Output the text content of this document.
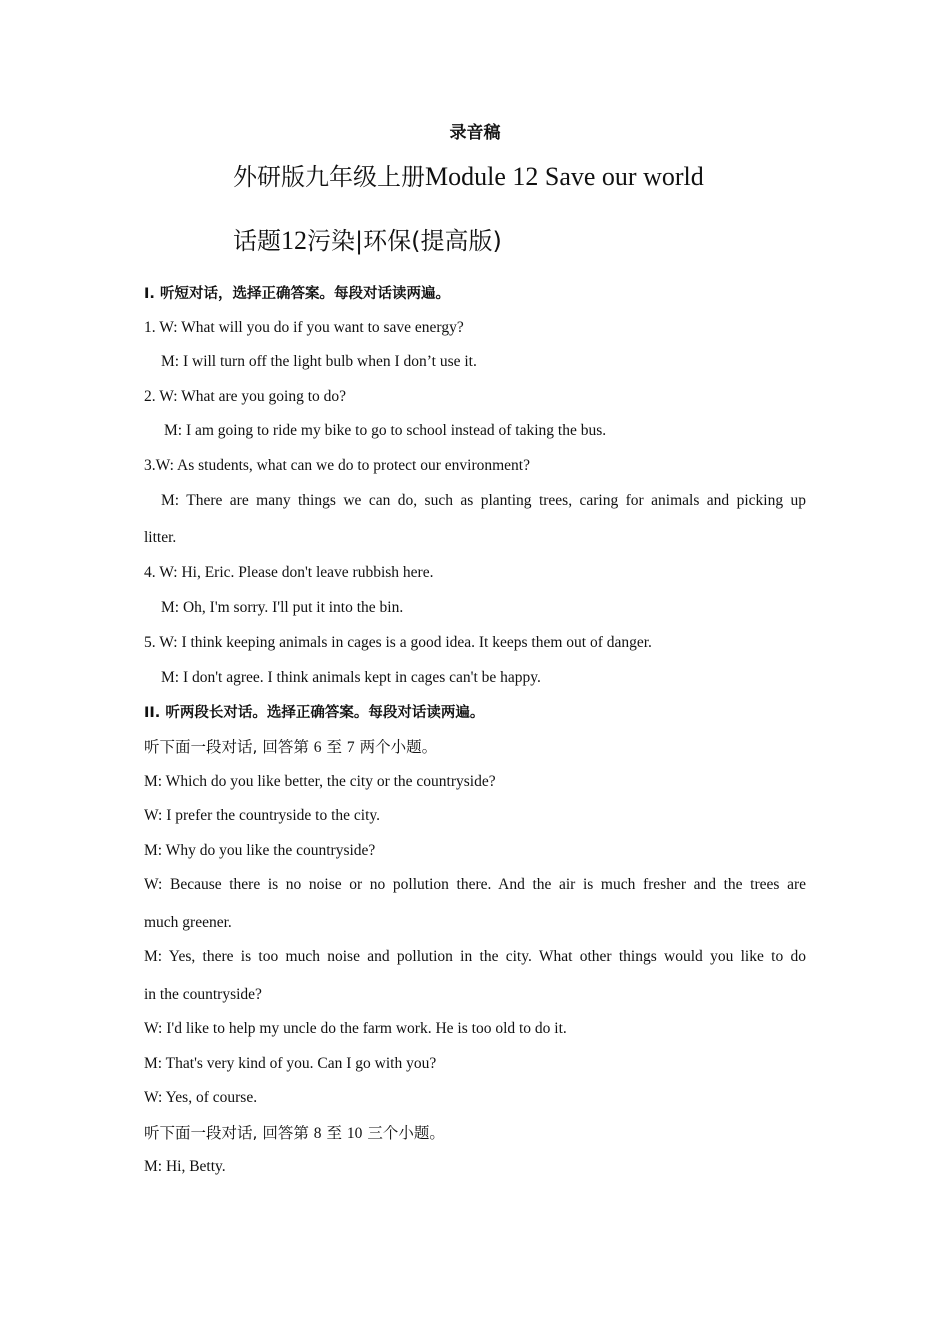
录音稿
外研版九年级上册Module 12 Save our world
话题12污染|环保(提高版)
I. 听短对话，选择正确答案。每段对话读两遍。
1. W: What will you do if you want to save energy?
M: I will turn off the light bulb when I don’t use it.
2. W: What are you going to do?
M: I am going to ride my bike to go to school instead of taking the bus.
3.W: As students, what can we do to protect our environment?
M: There are many things we can do, such as planting trees, caring for animals and picking up
litter.
4. W: Hi, Eric. Please don't leave rubbish here.
M: Oh, I'm sorry. I'll put it into the bin.
5. W: I think keeping animals in cages is a good idea. It keeps them out of danger.
M: I don't agree. I think animals kept in cages can't be happy.
II. 听两段长对话。选择正确答案。每段对话读两遍。
听下面一段对话, 回答第 6 至 7 两个小题。
M: Which do you like better, the city or the countryside?
W: I prefer the countryside to the city.
M: Why do you like the countryside?
W: Because there is no noise or no pollution there. And the air is much fresher and the trees are
much greener.
M: Yes, there is too much noise and pollution in the city. What other things would you like to do
in the countryside?
W: I'd like to help my uncle do the farm work. He is too old to do it.
M: That's very kind of you. Can I go with you?
W: Yes, of course.
听下面一段对话, 回答第 8 至 10 三个小题。
M: Hi, Betty.
